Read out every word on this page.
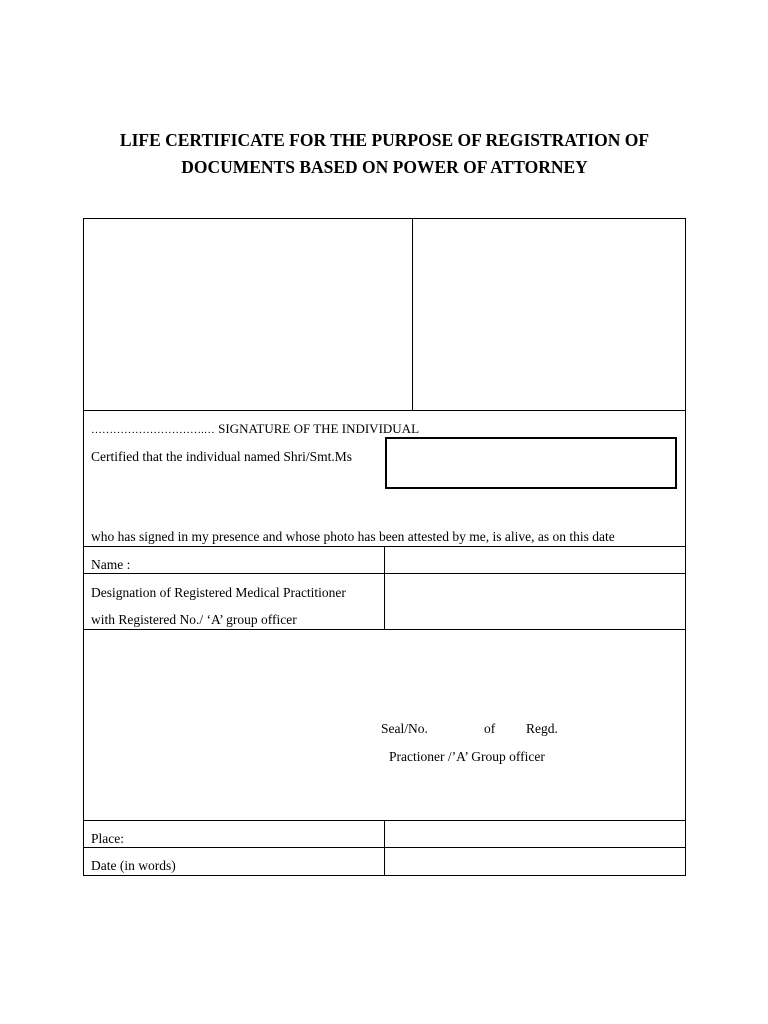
LIFE CERTIFICATE FOR THE PURPOSE OF REGISTRATION OF
DOCUMENTS BASED ON POWER OF ATTORNEY
………………………….… SIGNATURE OF THE INDIVIDUAL
Certified that the individual named Shri/Smt.Ms
who has signed in my presence and whose photo has been attested by me, is alive, as on this date
Name :
Designation of Registered Medical Practitioner
with Registered No./ ‘A’ group officer
Seal/No.	of Regd.
Practioner /’A’ Group officer
Place:
Date (in words)
